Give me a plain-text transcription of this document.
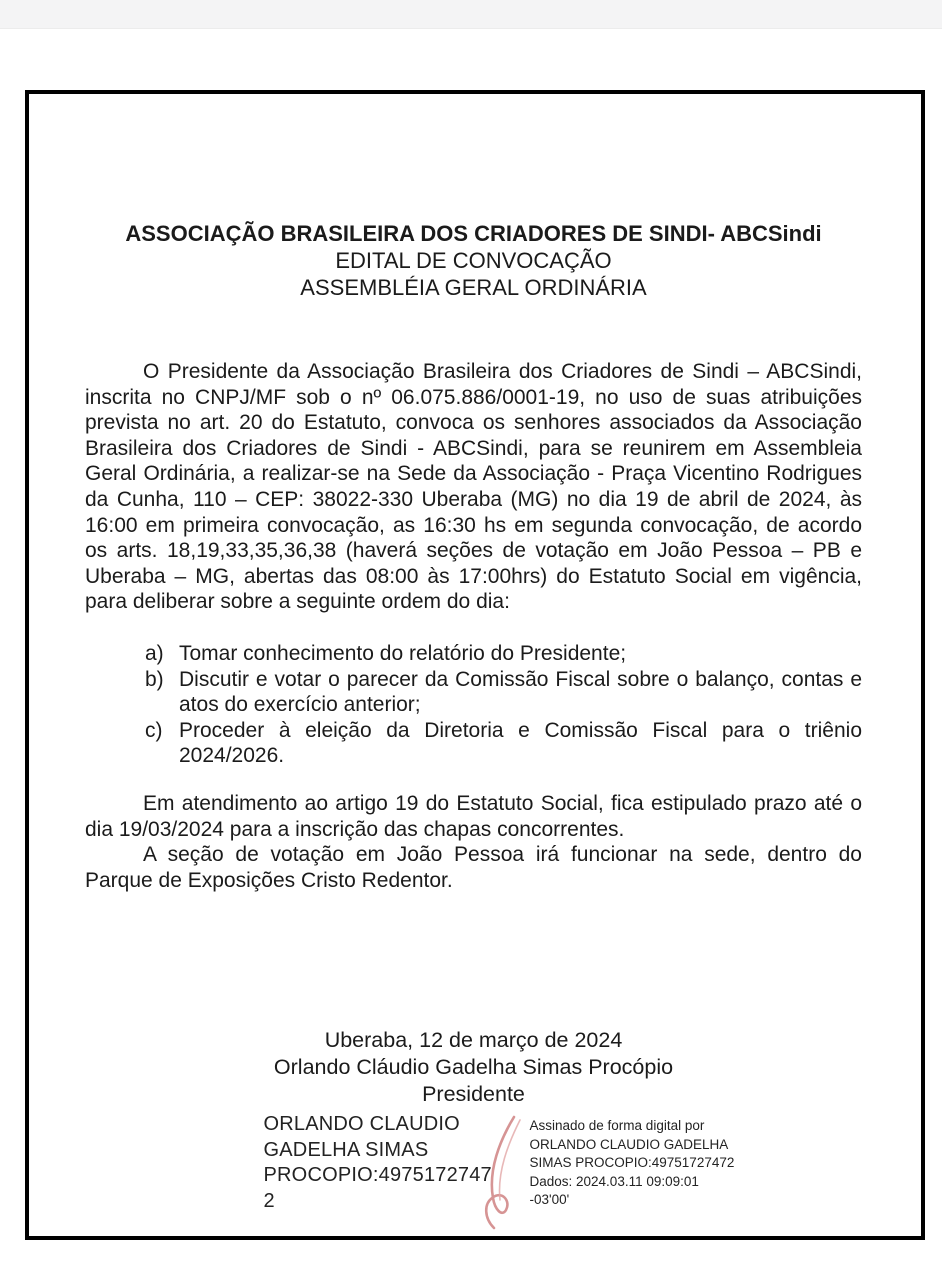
ASSOCIAÇÃO BRASILEIRA DOS CRIADORES DE SINDI- ABCSindi
EDITAL DE CONVOCAÇÃO
ASSEMBLÉIA GERAL ORDINÁRIA

O Presidente da Associação Brasileira dos Criadores de Sindi – ABCSindi, inscrita no CNPJ/MF sob o nº 06.075.886/0001-19, no uso de suas atribuições prevista no art. 20 do Estatuto, convoca os senhores associados da Associação Brasileira dos Criadores de Sindi - ABCSindi, para se reunirem em Assembleia Geral Ordinária, a realizar-se na Sede da Associação - Praça Vicentino Rodrigues da Cunha, 110 – CEP: 38022-330 Uberaba (MG) no dia 19 de abril de 2024, às 16:00 em primeira convocação, as 16:30 hs em segunda convocação, de acordo os arts. 18,19,33,35,36,38 (haverá seções de votação em João Pessoa – PB e Uberaba – MG, abertas das 08:00 às 17:00hrs) do Estatuto Social em vigência, para deliberar sobre a seguinte ordem do dia:

a) Tomar conhecimento do relatório do Presidente;
b) Discutir e votar o parecer da Comissão Fiscal sobre o balanço, contas e atos do exercício anterior;
c) Proceder à eleição da Diretoria e Comissão Fiscal para o triênio 2024/2026.

Em atendimento ao artigo 19 do Estatuto Social, fica estipulado prazo até o dia 19/03/2024 para a inscrição das chapas concorrentes.

A seção de votação em João Pessoa irá funcionar na sede, dentro do Parque de Exposições Cristo Redentor.

Uberaba, 12 de março de 2024
Orlando Cláudio Gadelha Simas Procópio
Presidente
ORLANDO CLAUDIO
GADELHA SIMAS
PROCOPIO:4975172747
2
Assinado de forma digital por
ORLANDO CLAUDIO GADELHA
SIMAS PROCOPIO:49751727472
Dados: 2024.03.11 09:09:01
-03'00'
